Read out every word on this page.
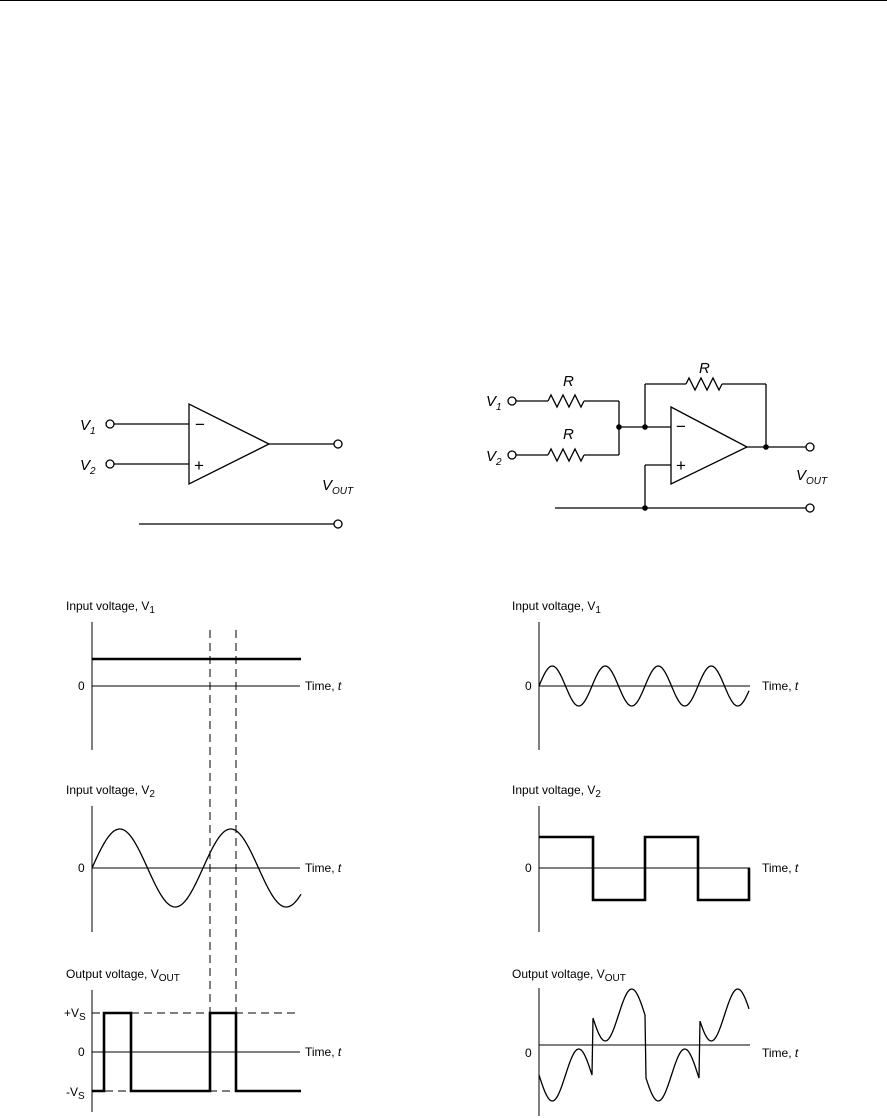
$V_1$
$V_2$
−
+
$V_{OUT}$
$V_1$
$V_2$
R
R
R
−
+
$V_{OUT}$
Input voltage, $V_1$
0	Time, t
Input voltage, $V_2$
0	Time, t
Output voltage, $V_{OUT}$
0	Time, t
$+V_S$
$-V_S$
Input voltage, $V_1$
0	Time, t
Input voltage, $V_2$
0	Time, t
Output voltage, $V_{OUT}$
0	Time, t
